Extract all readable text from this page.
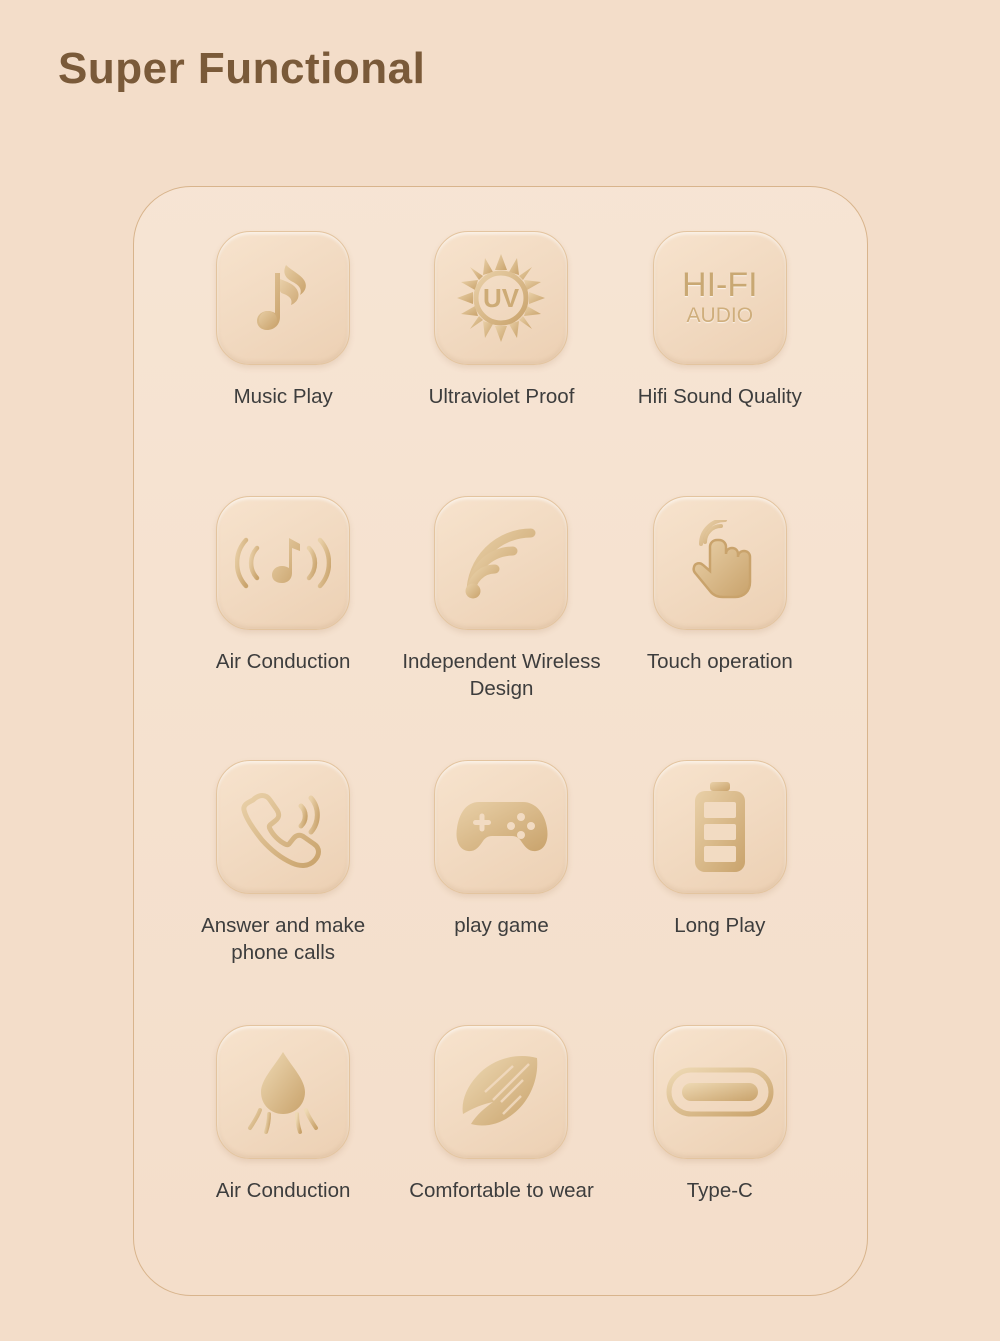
Super Functional
Music Play
UV
Ultraviolet Proof
HI-FI
AUDIO
Hifi Sound Quality
Air Conduction	Independent Wireless Design
Touch operation
Answer and make phone calls
play game	Long Play
Air Conduction	Comfortable to wear	Type-C
